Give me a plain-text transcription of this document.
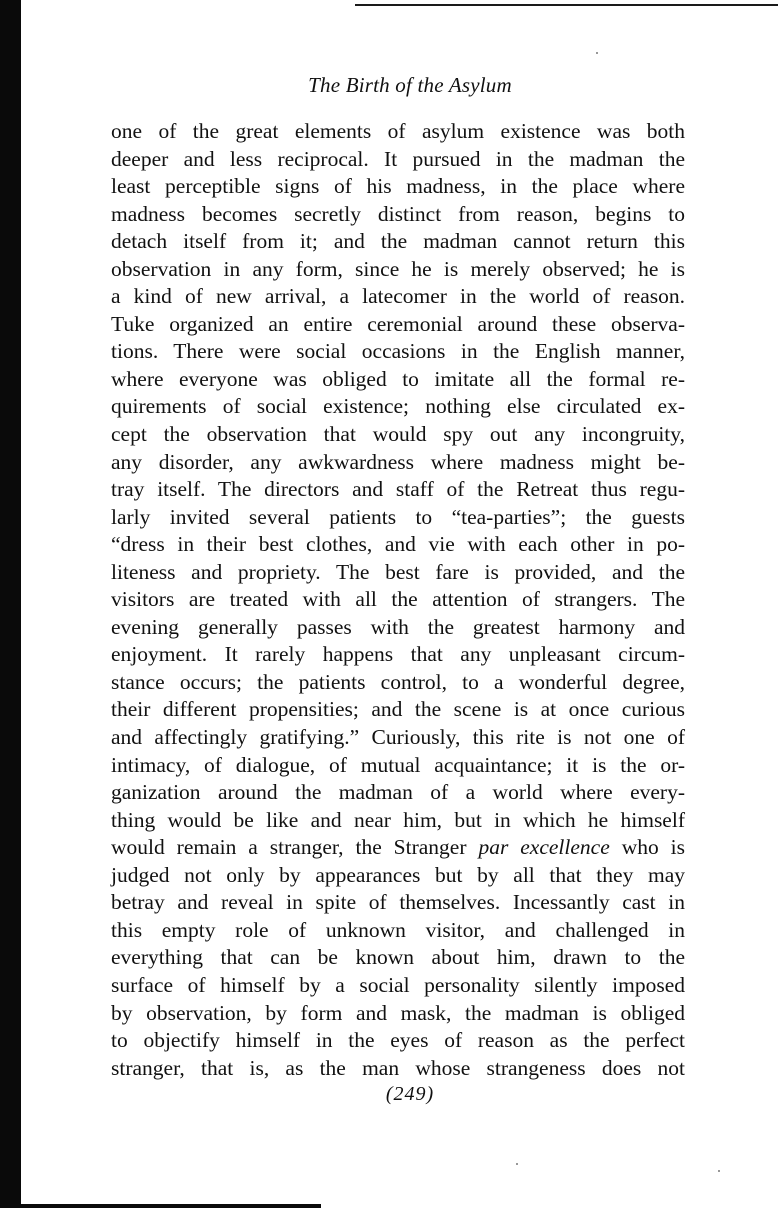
The Birth of the Asylum
one of the great elements of asylum existence was both
deeper and less reciprocal. It pursued in the madman the
least perceptible signs of his madness, in the place where
madness becomes secretly distinct from reason, begins to
detach itself from it; and the madman cannot return this
observation in any form, since he is merely observed; he is
a kind of new arrival, a latecomer in the world of reason.
Tuke organized an entire ceremonial around these observa-
tions. There were social occasions in the English manner,
where everyone was obliged to imitate all the formal re-
quirements of social existence; nothing else circulated ex-
cept the observation that would spy out any incongruity,
any disorder, any awkwardness where madness might be-
tray itself. The directors and staff of the Retreat thus regu-
larly invited several patients to “tea-parties”; the guests
“dress in their best clothes, and vie with each other in po-
liteness and propriety. The best fare is provided, and the
visitors are treated with all the attention of strangers. The
evening generally passes with the greatest harmony and
enjoyment. It rarely happens that any unpleasant circum-
stance occurs; the patients control, to a wonderful degree,
their different propensities; and the scene is at once curious
and affectingly gratifying.” Curiously, this rite is not one of
intimacy, of dialogue, of mutual acquaintance; it is the or-
ganization around the madman of a world where every-
thing would be like and near him, but in which he himself
would remain a stranger, the Stranger par excellence who is
judged not only by appearances but by all that they may
betray and reveal in spite of themselves. Incessantly cast in
this empty role of unknown visitor, and challenged in
everything that can be known about him, drawn to the
surface of himself by a social personality silently imposed
by observation, by form and mask, the madman is obliged
to objectify himself in the eyes of reason as the perfect
stranger, that is, as the man whose strangeness does not
(249)
